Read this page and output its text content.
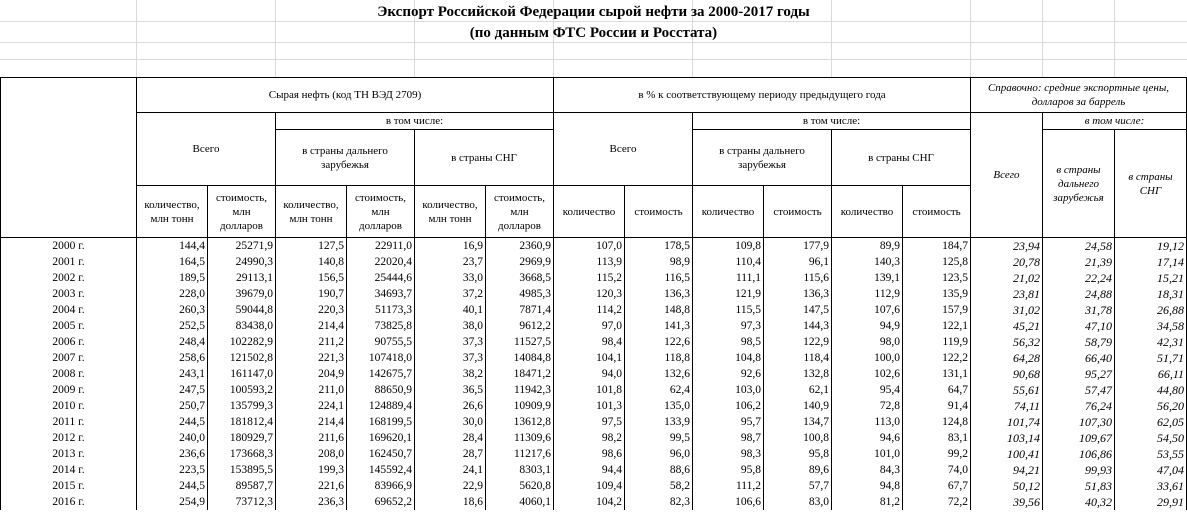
Экспорт Российской Федерации сырой нефти за 2000-2017 годы
(по данным ФТС России и Росстата)
	Сырая нефть (код ТН ВЭД 2709)						в % к соответствующему периоду предыдущего года						Справочно: средние экспортные цены, долларов за баррель		
	Всего		в том числе:				Всего		в том числе:				Всего	в том числе:	
			в страны дальнего зарубежья		в страны СНГ				в страны дальнего зарубежья		в страны СНГ			в страны дальнего зарубежья	в страны СНГ
	количество, млн тонн	стоимость, млн долларов	количество, млн тонн	стоимость, млн долларов	количество, млн тонн	стоимость, млн долларов	количество	стоимость	количество	стоимость	количество	стоимость			
2000 г.	144,4	25271,9	127,5	22911,0	16,9	2360,9	107,0	178,5	109,8	177,9	89,9	184,7	23,94	24,58	19,12
2001 г.	164,5	24990,3	140,8	22020,4	23,7	2969,9	113,9	98,9	110,4	96,1	140,3	125,8	20,78	21,39	17,14
2002 г.	189,5	29113,1	156,5	25444,6	33,0	3668,5	115,2	116,5	111,1	115,6	139,1	123,5	21,02	22,24	15,21
2003 г.	228,0	39679,0	190,7	34693,7	37,2	4985,3	120,3	136,3	121,9	136,3	112,9	135,9	23,81	24,88	18,31
2004 г.	260,3	59044,8	220,3	51173,3	40,1	7871,4	114,2	148,8	115,5	147,5	107,6	157,9	31,02	31,78	26,88
2005 г.	252,5	83438,0	214,4	73825,8	38,0	9612,2	97,0	141,3	97,3	144,3	94,9	122,1	45,21	47,10	34,58
2006 г.	248,4	102282,9	211,2	90755,5	37,3	11527,5	98,4	122,6	98,5	122,9	98,0	119,9	56,32	58,79	42,31
2007 г.	258,6	121502,8	221,3	107418,0	37,3	14084,8	104,1	118,8	104,8	118,4	100,0	122,2	64,28	66,40	51,71
2008 г.	243,1	161147,0	204,9	142675,7	38,2	18471,2	94,0	132,6	92,6	132,8	102,6	131,1	90,68	95,27	66,11
2009 г.	247,5	100593,2	211,0	88650,9	36,5	11942,3	101,8	62,4	103,0	62,1	95,4	64,7	55,61	57,47	44,80
2010 г.	250,7	135799,3	224,1	124889,4	26,6	10909,9	101,3	135,0	106,2	140,9	72,8	91,4	74,11	76,24	56,20
2011 г.	244,5	181812,4	214,4	168199,5	30,0	13612,8	97,5	133,9	95,7	134,7	113,0	124,8	101,74	107,30	62,05
2012 г.	240,0	180929,7	211,6	169620,1	28,4	11309,6	98,2	99,5	98,7	100,8	94,6	83,1	103,14	109,67	54,50
2013 г.	236,6	173668,3	208,0	162450,7	28,7	11217,6	98,6	96,0	98,3	95,8	101,0	99,2	100,41	106,86	53,55
2014 г.	223,5	153895,5	199,3	145592,4	24,1	8303,1	94,4	88,6	95,8	89,6	84,3	74,0	94,21	99,93	47,04
2015 г.	244,5	89587,7	221,6	83966,9	22,9	5620,8	109,4	58,2	111,2	57,7	94,8	67,7	50,12	51,83	33,61
2016 г.	254,9	73712,3	236,3	69652,2	18,6	4060,1	104,2	82,3	106,6	83,0	81,2	72,2	39,56	40,32	29,91
